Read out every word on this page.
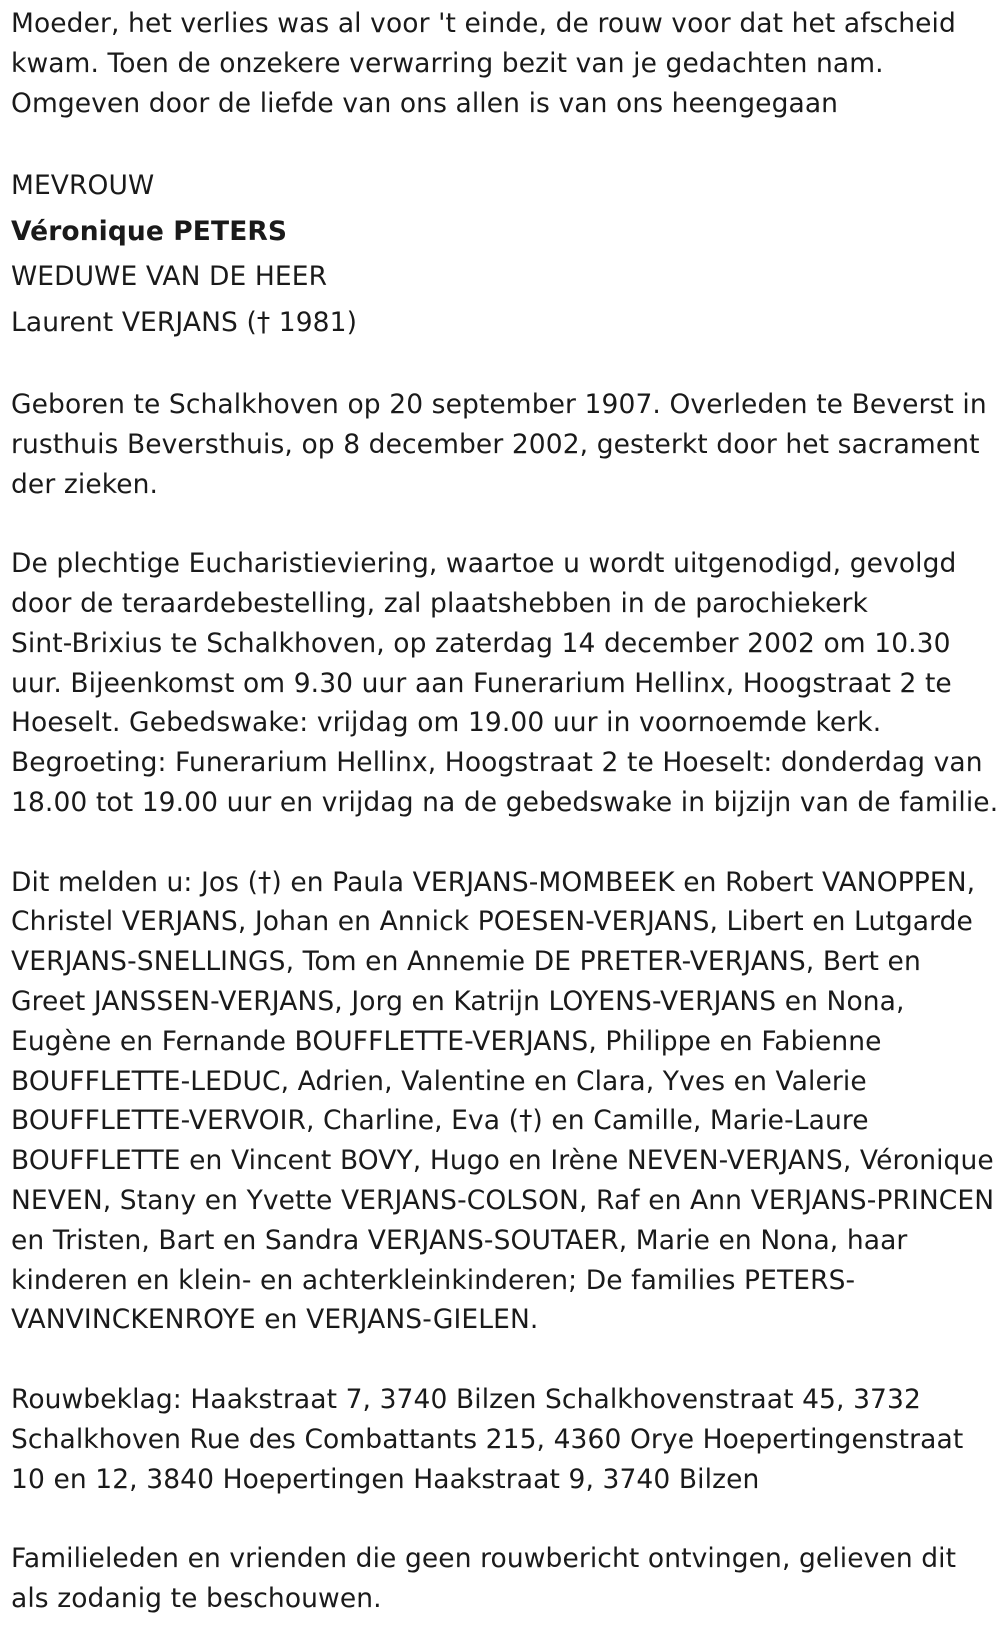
Moeder, het verlies was al voor 't einde, de rouw voor dat het afscheid
kwam. Toen de onzekere verwarring bezit van je gedachten nam.
Omgeven door de liefde van ons allen is van ons heengegaan
MEVROUW
Véronique PETERS
WEDUWE VAN DE HEER
Laurent VERJANS († 1981)
Geboren te Schalkhoven op 20 september 1907. Overleden te Beverst in
rusthuis Beversthuis, op 8 december 2002, gesterkt door het sacrament
der zieken.
De plechtige Eucharistieviering, waartoe u wordt uitgenodigd, gevolgd
door de teraardebestelling, zal plaatshebben in de parochiekerk
Sint-Brixius te Schalkhoven, op zaterdag 14 december 2002 om 10.30
uur. Bijeenkomst om 9.30 uur aan Funerarium Hellinx, Hoogstraat 2 te
Hoeselt. Gebedswake: vrijdag om 19.00 uur in voornoemde kerk.
Begroeting: Funerarium Hellinx, Hoogstraat 2 te Hoeselt: donderdag van
18.00 tot 19.00 uur en vrijdag na de gebedswake in bijzijn van de familie.
Dit melden u: Jos (†) en Paula VERJANS-MOMBEEK en Robert VANOPPEN,
Christel VERJANS, Johan en Annick POESEN-VERJANS, Libert en Lutgarde
VERJANS-SNELLINGS, Tom en Annemie DE PRETER-VERJANS, Bert en
Greet JANSSEN-VERJANS, Jorg en Katrijn LOYENS-VERJANS en Nona,
Eugène en Fernande BOUFFLETTE-VERJANS, Philippe en Fabienne
BOUFFLETTE-LEDUC, Adrien, Valentine en Clara, Yves en Valerie
BOUFFLETTE-VERVOIR, Charline, Eva (†) en Camille, Marie-Laure
BOUFFLETTE en Vincent BOVY, Hugo en Irène NEVEN-VERJANS, Véronique
NEVEN, Stany en Yvette VERJANS-COLSON, Raf en Ann VERJANS-PRINCEN
en Tristen, Bart en Sandra VERJANS-SOUTAER, Marie en Nona, haar
kinderen en klein- en achterkleinkinderen; De families PETERS-
VANVINCKENROYE en VERJANS-GIELEN.
Rouwbeklag: Haakstraat 7, 3740 Bilzen Schalkhovenstraat 45, 3732
Schalkhoven Rue des Combattants 215, 4360 Orye Hoepertingenstraat
10 en 12, 3840 Hoepertingen Haakstraat 9, 3740 Bilzen
Familieleden en vrienden die geen rouwbericht ontvingen, gelieven dit
als zodanig te beschouwen.
